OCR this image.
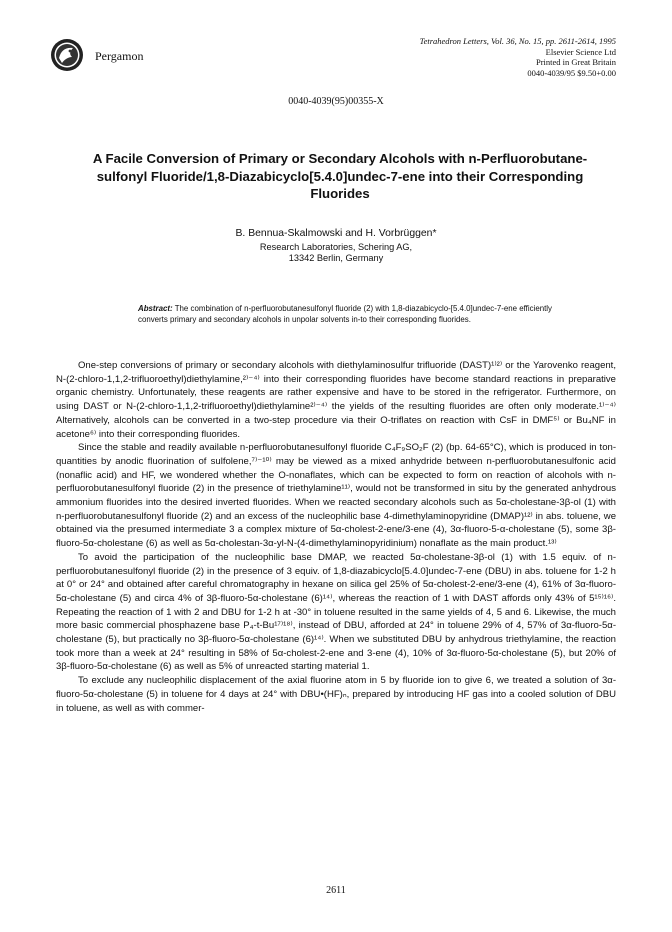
Pergamon
Tetrahedron Letters, Vol. 36, No. 15, pp. 2611-2614, 1995
Elsevier Science Ltd
Printed in Great Britain
0040-4039/95 $9.50+0.00
0040-4039(95)00355-X
A Facile Conversion of Primary or Secondary Alcohols with n-Perfluorobutane-sulfonyl Fluoride/1,8-Diazabicyclo[5.4.0]undec-7-ene into their Corresponding Fluorides
B. Bennua-Skalmowski and H. Vorbrüggen*
Research Laboratories, Schering AG,
13342 Berlin, Germany
Abstract: The combination of n-perfluorobutanesulfonyl fluoride (2) with 1,8-diazabicyclo-[5.4.0]undec-7-ene efficiently converts primary and secondary alcohols in unpolar solvents in-to their corresponding fluorides.

One-step conversions of primary or secondary alcohols with diethylaminosulfur trifluoride (DAST)¹⁾²⁾ or the Yarovenko reagent, N-(2-chloro-1,1,2-trifluoroethyl)diethylamine,²⁾⁻⁴⁾ into their corresponding fluorides have become standard reactions in preparative organic chemistry. Unfortunately, these reagents are rather expensive and have to be stored in the refrigerator. Furthermore, on using DAST or N-(2-chloro-1,1,2-trifluoroethyl)diethylamine²⁾⁻⁴⁾ the yields of the resulting fluorides are often only moderate.¹⁾⁻⁴⁾ Alternatively, alcohols can be converted in a two-step procedure via their O-triflates on reaction with CsF in DMF⁵⁾ or Bu₄NF in acetone⁶⁾ into their corresponding fluorides.

Since the stable and readily available n-perfluorobutanesulfonyl fluoride C₄F₉SO₂F (2) (bp. 64-65°C), which is produced in ton-quantities by anodic fluorination of sulfolene,⁷⁾⁻¹⁰⁾ may be viewed as a mixed anhydride between n-perfluorobutanesulfonic acid (nonaflic acid) and HF, we wondered whether the O-nonaflates, which can be expected to form on reaction of alcohols with n-perfluorobutanesulfonyl fluoride (2) in the presence of triethylamine¹¹⁾, would not be transformed in situ by the generated anhydrous ammonium fluorides into the desired inverted fluorides. When we reacted secondary alcohols such as 5α-cholestane-3β-ol (1) with n-perfluorobutanesulfonyl fluoride (2) and an excess of the nucleophilic base 4-dimethylaminopyridine (DMAP)¹²⁾ in abs. toluene, we obtained via the presumed intermediate 3 a complex mixture of 5α-cholest-2-ene/3-ene (4), 3α-fluoro-5-α-cholestane (5), some 3β-fluoro-5α-cholestane (6) as well as 5α-cholestan-3α-yl-N-(4-dimethylaminopyridinium) nonaflate as the main product.¹³⁾

To avoid the participation of the nucleophilic base DMAP, we reacted 5α-cholestane-3β-ol (1) with 1.5 equiv. of n-perfluorobutanesulfonyl fluoride (2) in the presence of 3 equiv. of 1,8-diazabicyclo[5.4.0]undec-7-ene (DBU) in abs. toluene for 1-2 h at 0° or 24° and obtained after careful chromatography in hexane on silica gel 25% of 5α-cholest-2-ene/3-ene (4), 61% of 3α-fluoro-5α-cholestane (5) and circa 4% of 3β-fluoro-5α-cholestane (6)¹⁴⁾, whereas the reaction of 1 with DAST affords only 43% of 5¹⁵⁾¹⁶⁾. Repeating the reaction of 1 with 2 and DBU for 1-2 h at -30° in toluene resulted in the same yields of 4, 5 and 6. Likewise, the much more basic commercial phosphazene base P₄-t-Bu¹⁷⁾¹⁸⁾, instead of DBU, afforded at 24° in toluene 29% of 4, 57% of 3α-fluoro-5α-cholestane (5), but practically no 3β-fluoro-5α-cholestane (6)¹⁴⁾. When we substituted DBU by anhydrous triethylamine, the reaction took more than a week at 24° resulting in 58% of 5α-cholest-2-ene and 3-ene (4), 10% of 3α-fluoro-5α-cholestane (5), but 20% of 3β-fluoro-5α-cholestane (6) as well as 5% of unreacted starting material 1.

To exclude any nucleophilic displacement of the axial fluorine atom in 5 by fluoride ion to give 6, we treated a solution of 3α-fluoro-5α-cholestane (5) in toluene for 4 days at 24° with DBU•(HF)ₙ, prepared by introducing HF gas into a cooled solution of DBU in toluene, as well as with commer-

2611
